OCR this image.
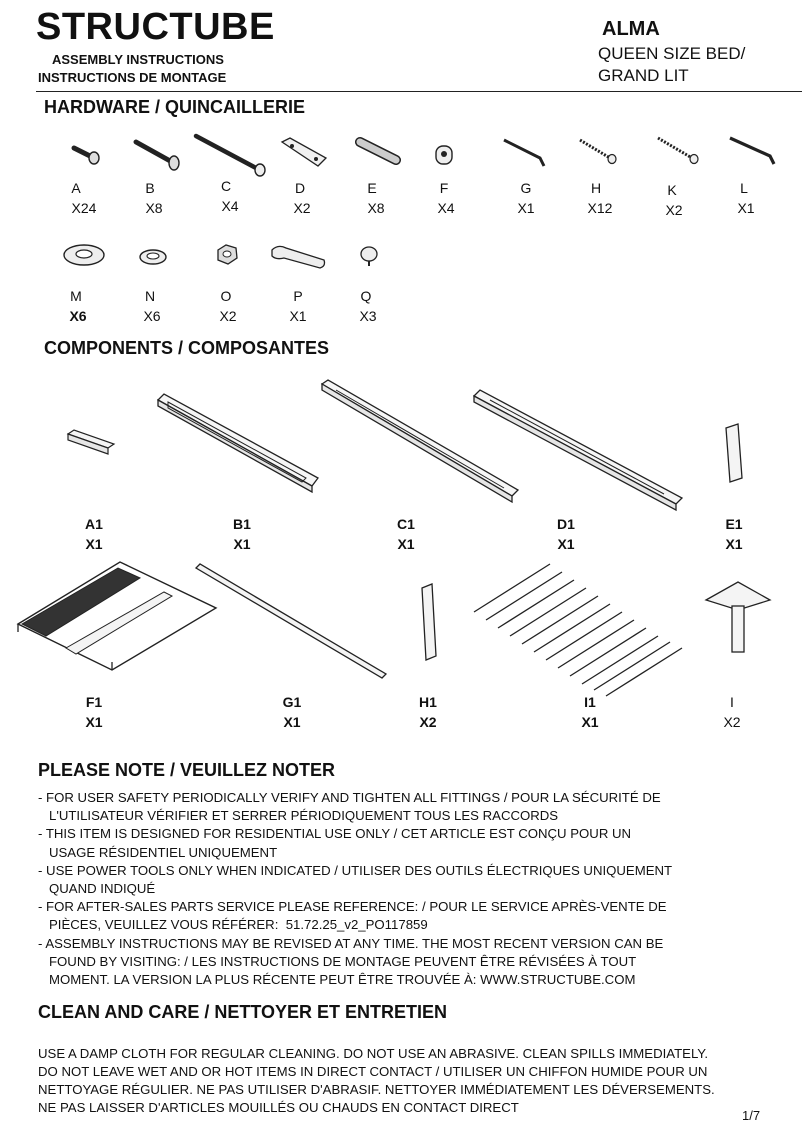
STRUCTUBE
ASSEMBLY INSTRUCTIONS
INSTRUCTIONS DE MONTAGE
ALMA
QUEEN SIZE BED/
GRAND LIT
HARDWARE / QUINCAILLERIE
A
X24
B
X8
C
X4
D
X2
E
X8
F
X4
G
X1
H
X12
K
X2
L
X1
M
X6
N
X6
O
X2
P
X1
Q
X3
COMPONENTS / COMPOSANTES
A1
X1
B1
X1
C1
X1
D1
X1
E1
X1
F1
X1
G1
X1
H1
X2
I1
X1
I
X2
PLEASE NOTE / VEUILLEZ NOTER
- FOR USER SAFETY PERIODICALLY VERIFY AND TIGHTEN ALL FITTINGS / POUR LA SÉCURITÉ DE
L'UTILISATEUR VÉRIFIER ET SERRER PÉRIODIQUEMENT TOUS LES RACCORDS
- THIS ITEM IS DESIGNED FOR RESIDENTIAL USE ONLY / CET ARTICLE EST CONÇU POUR UN
USAGE RÉSIDENTIEL UNIQUEMENT
- USE POWER TOOLS ONLY WHEN INDICATED / UTILISER DES OUTILS ÉLECTRIQUES UNIQUEMENT
QUAND INDIQUÉ
- FOR AFTER-SALES PARTS SERVICE PLEASE REFERENCE: / POUR LE SERVICE APRÈS-VENTE DE
PIÈCES, VEUILLEZ VOUS RÉFÉRER:  51.72.25_v2_PO117859
- ASSEMBLY INSTRUCTIONS MAY BE REVISED AT ANY TIME. THE MOST RECENT VERSION CAN BE
FOUND BY VISITING: / LES INSTRUCTIONS DE MONTAGE PEUVENT ÊTRE RÉVISÉES À TOUT
MOMENT. LA VERSION LA PLUS RÉCENTE PEUT ÊTRE TROUVÉE À: WWW.STRUCTUBE.COM
CLEAN AND CARE / NETTOYER ET ENTRETIEN
USE A DAMP CLOTH FOR REGULAR CLEANING. DO NOT USE AN ABRASIVE. CLEAN SPILLS IMMEDIATELY. DO NOT LEAVE WET AND OR HOT ITEMS IN DIRECT CONTACT / UTILISER UN CHIFFON HUMIDE POUR UN NETTOYAGE RÉGULIER. NE PAS UTILISER D'ABRASIF. NETTOYER IMMÉDIATEMENT LES DÉVERSEMENTS. NE PAS LAISSER D'ARTICLES MOUILLÉS OU CHAUDS EN CONTACT DIRECT
1/7
